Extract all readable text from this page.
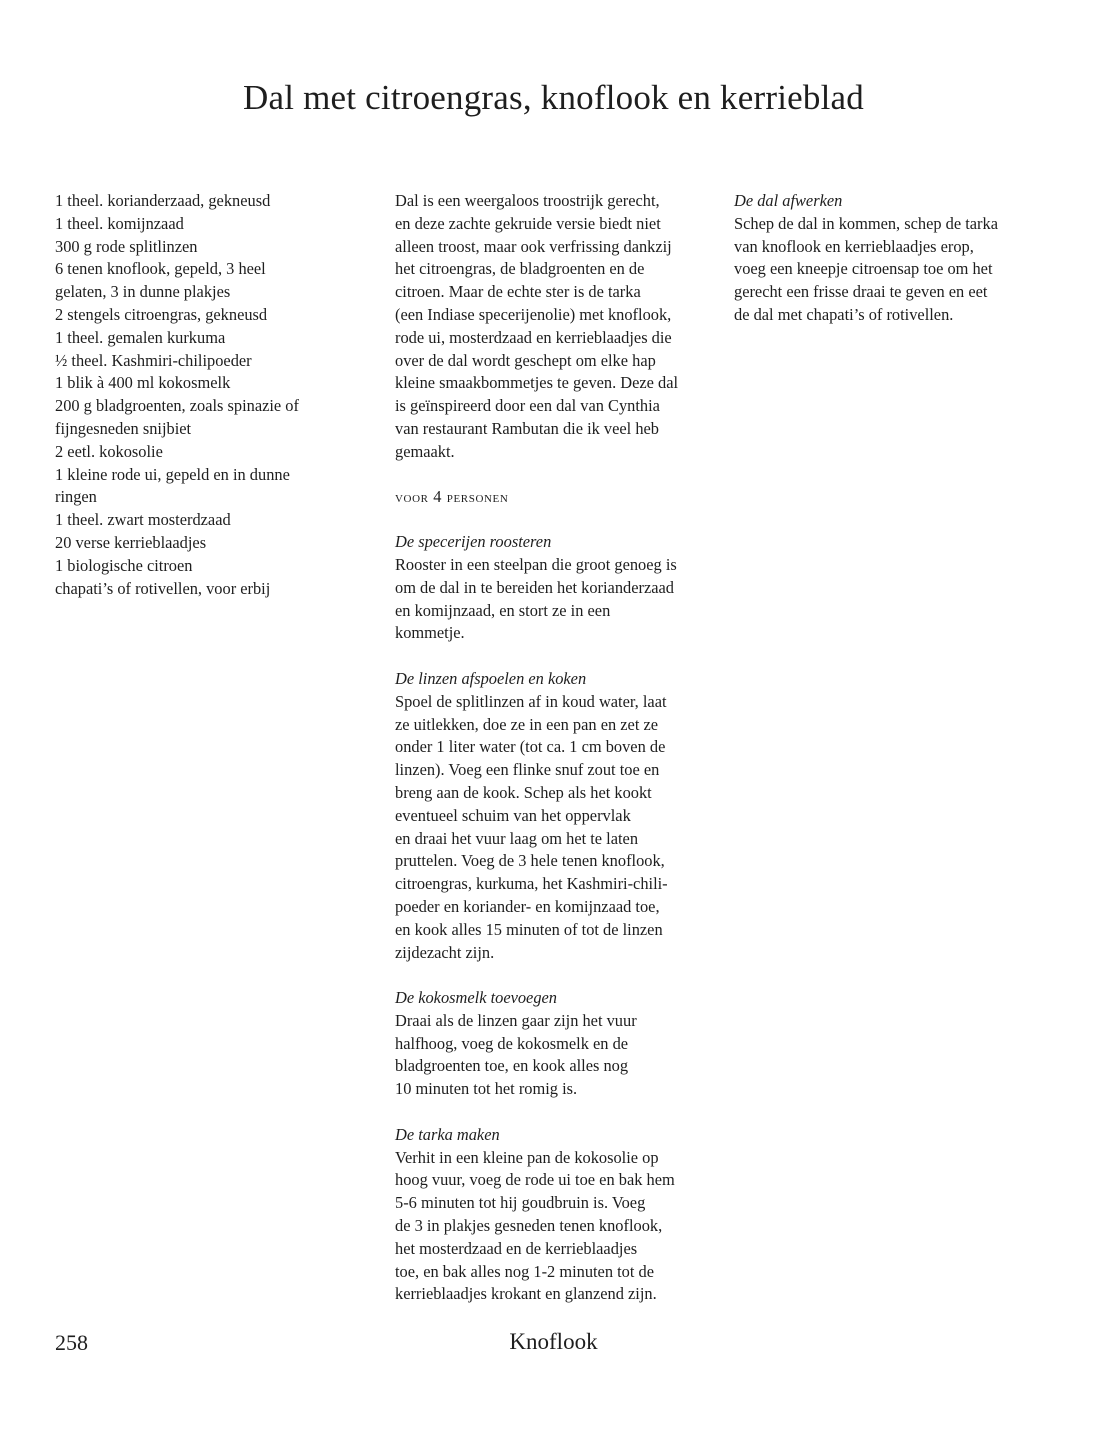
Dal met citroengras, knoflook en kerrieblad
1 theel. korianderzaad, gekneusd
1 theel. komijnzaad
300 g rode splitlinzen
6 tenen knoflook, gepeld, 3 heel
gelaten, 3 in dunne plakjes
2 stengels citroengras, gekneusd
1 theel. gemalen kurkuma
½ theel. Kashmiri-chilipoeder
1 blik à 400 ml kokosmelk
200 g bladgroenten, zoals spinazie of
fijngesneden snijbiet
2 eetl. kokosolie
1 kleine rode ui, gepeld en in dunne
ringen
1 theel. zwart mosterdzaad
20 verse kerrieblaadjes
1 biologische citroen
chapati’s of rotivellen, voor erbij

Dal is een weergaloos troostrijk gerecht,
en deze zachte gekruide versie biedt niet
alleen troost, maar ook verfrissing dankzij
het citroengras, de bladgroenten en de
citroen. Maar de echte ster is de tarka
(een Indiase specerijenolie) met knoflook,
rode ui, mosterdzaad en kerrieblaadjes die
over de dal wordt geschept om elke hap
kleine smaakbommetjes te geven. Deze dal
is geïnspireerd door een dal van Cynthia
van restaurant Rambutan die ik veel heb
gemaakt.

voor 4 personen

De specerijen roosteren

Rooster in een steelpan die groot genoeg is
om de dal in te bereiden het korianderzaad
en komijnzaad, en stort ze in een
kommetje.

De linzen afspoelen en koken

Spoel de splitlinzen af in koud water, laat
ze uitlekken, doe ze in een pan en zet ze
onder 1 liter water (tot ca. 1 cm boven de
linzen). Voeg een flinke snuf zout toe en
breng aan de kook. Schep als het kookt
eventueel schuim van het oppervlak
en draai het vuur laag om het te laten
pruttelen. Voeg de 3 hele tenen knoflook,
citroengras, kurkuma, het Kashmiri-chili-
poeder en koriander- en komijnzaad toe,
en kook alles 15 minuten of tot de linzen
zijdezacht zijn.

De kokosmelk toevoegen

Draai als de linzen gaar zijn het vuur
halfhoog, voeg de kokosmelk en de
bladgroenten toe, en kook alles nog
10 minuten tot het romig is.

De tarka maken

Verhit in een kleine pan de kokosolie op
hoog vuur, voeg de rode ui toe en bak hem
5-6 minuten tot hij goudbruin is. Voeg
de 3 in plakjes gesneden tenen knoflook,
het mosterdzaad en de kerrieblaadjes
toe, en bak alles nog 1-2 minuten tot de
kerrieblaadjes krokant en glanzend zijn.

De dal afwerken

Schep de dal in kommen, schep de tarka
van knoflook en kerrieblaadjes erop,
voeg een kneepje citroensap toe om het
gerecht een frisse draai te geven en eet
de dal met chapati’s of rotivellen.

258	Knoflook
